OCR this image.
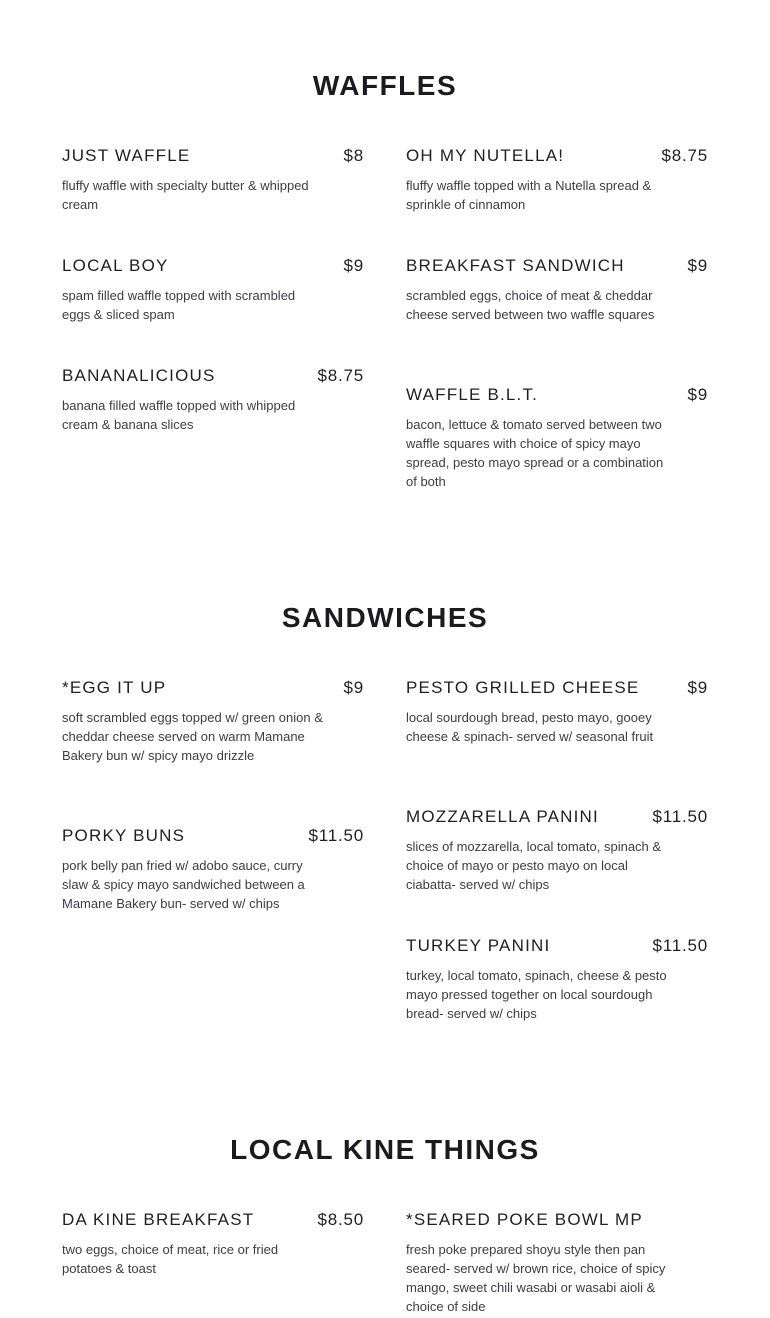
WAFFLES
JUST WAFFLE	$8

fluffy waffle with specialty butter & whipped cream

OH MY NUTELLA!	$8.75

fluffy waffle topped with a Nutella spread & sprinkle of cinnamon

LOCAL BOY	$9

spam filled waffle topped with scrambled eggs & sliced spam

BREAKFAST SANDWICH	$9

scrambled eggs, choice of meat & cheddar cheese served between two waffle squares

BANANALICIOUS	$8.75

banana filled waffle topped with whipped cream & banana slices

WAFFLE B.L.T.	$9

bacon, lettuce & tomato served between two waffle squares with choice of spicy mayo spread, pesto mayo spread or a combination of both

SANDWICHES
*EGG IT UP	$9

soft scrambled eggs topped w/ green onion & cheddar cheese served on warm Mamane Bakery bun w/ spicy mayo drizzle

PESTO GRILLED CHEESE	$9

local sourdough bread, pesto mayo, gooey cheese & spinach- served w/ seasonal fruit

PORKY BUNS	$11.50

pork belly pan fried w/ adobo sauce, curry slaw & spicy mayo sandwiched between a Mamane Bakery bun- served w/ chips

MOZZARELLA PANINI	$11.50

slices of mozzarella, local tomato, spinach & choice of mayo or pesto mayo on local ciabatta- served w/ chips

TURKEY PANINI	$11.50

turkey, local tomato, spinach, cheese & pesto mayo pressed together on local sourdough bread- served w/ chips

LOCAL KINE THINGS
DA KINE BREAKFAST	$8.50

two eggs, choice of meat, rice or fried potatoes & toast

*SEARED POKE BOWL MP

fresh poke prepared shoyu style then pan seared- served w/ brown rice, choice of spicy mango, sweet chili wasabi or wasabi aioli & choice of side
